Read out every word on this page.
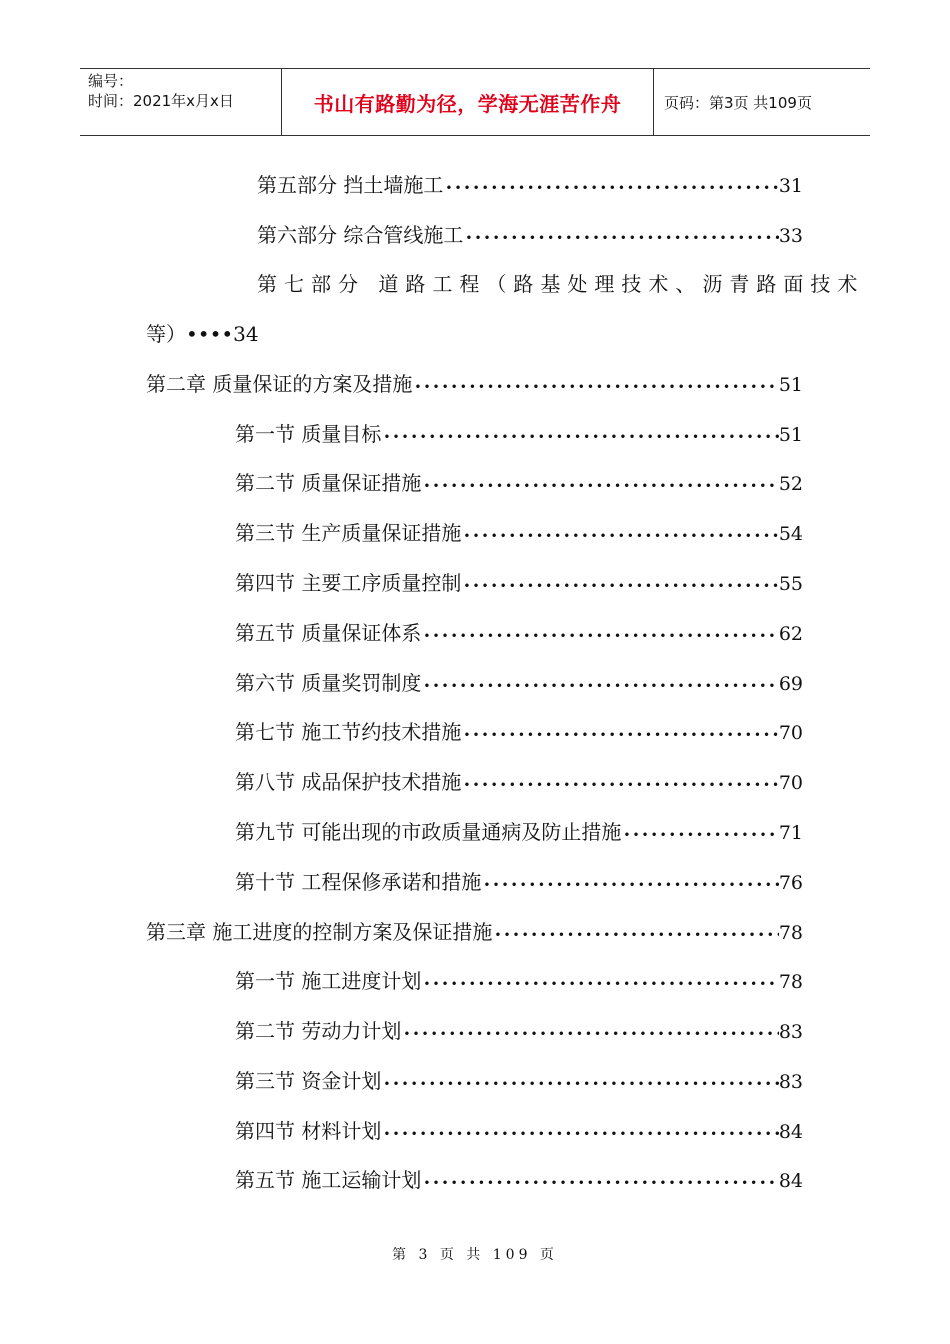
编号：
时间：2021年x月x日	书山有路勤为径，学海无涯苦作舟	页码：第3页 共109页
第五部分 挡土墙施工 •••••	31
第六部分 综合管线施工 •••••	33
第七部分 道路工程（路基处理技术、沥青路面技术
等）••••34
第二章 质量保证的方案及措施 •••••	51
第一节 质量目标 •••••	51
第二节 质量保证措施 •••••	52
第三节 生产质量保证措施 •••••	54
第四节 主要工序质量控制 •••••	55
第五节 质量保证体系 •••••	62
第六节 质量奖罚制度 •••••	69
第七节 施工节约技术措施 •••••	70
第八节 成品保护技术措施 •••••	70
第九节 可能出现的市政质量通病及防止措施 •••••	71
第十节 工程保修承诺和措施 •••••	76
第三章 施工进度的控制方案及保证措施 •••••	78
第一节 施工进度计划 •••••	78
第二节 劳动力计划 •••••	83
第三节 资金计划 •••••	83
第四节 材料计划 •••••	84
第五节 施工运输计划 •••••	84
第 3 页 共 109 页
